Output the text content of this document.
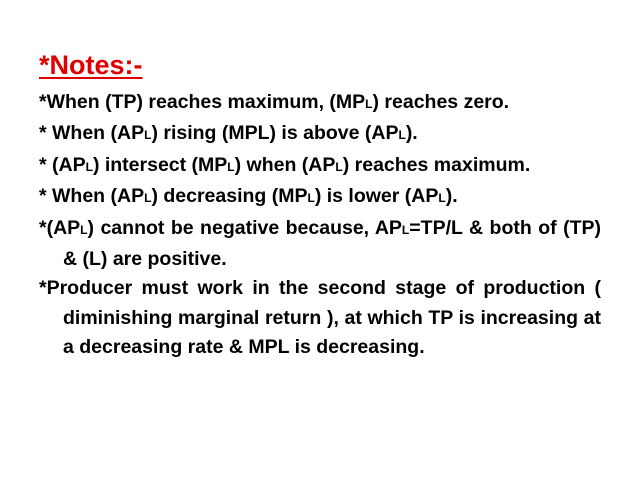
*Notes:-
*When (TP) reaches maximum, (MPL) reaches zero.
* When (APL) rising (MPL) is above (APL).
* (APL) intersect (MPL) when (APL) reaches maximum.
* When (APL) decreasing (MPL) is lower (APL).
*(APL) cannot be negative because, APL=TP/L & both of (TP) & (L) are positive.
*Producer must work in the second stage of production ( diminishing marginal return ), at which TP is increasing at a decreasing rate & MPL is decreasing.
